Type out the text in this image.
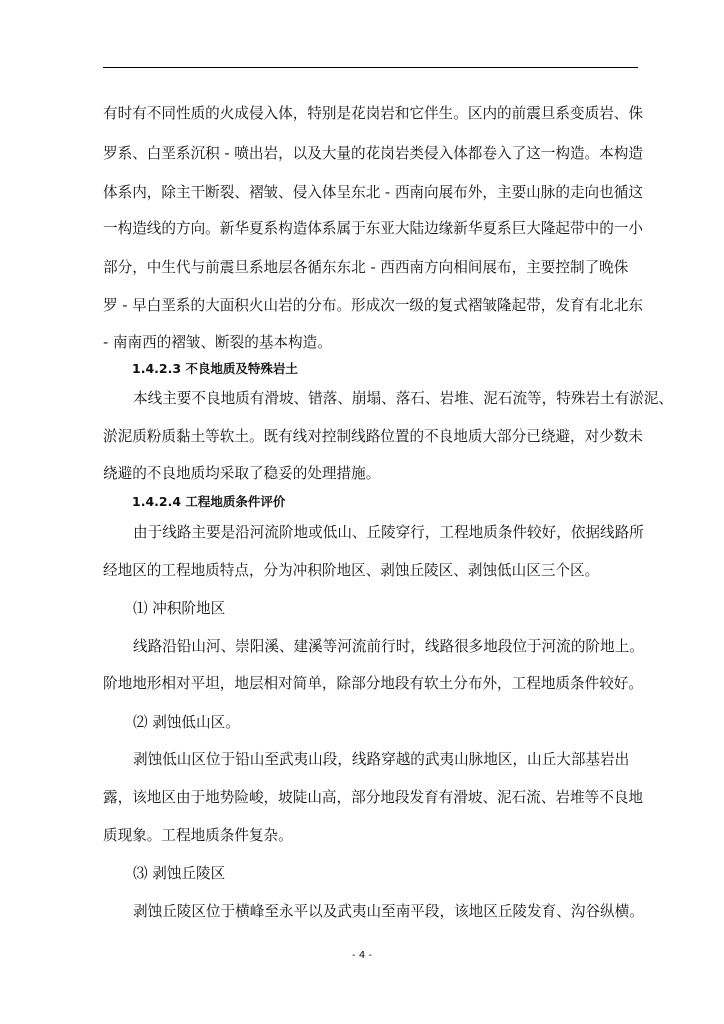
有时有不同性质的火成侵入体，特别是花岗岩和它伴生。区内的前震旦系变质岩、侏
罗系、白垩系沉积 - 喷出岩，以及大量的花岗岩类侵入体都卷入了这一构造。本构造
体系内，除主干断裂、褶皱、侵入体呈东北 - 西南向展布外，主要山脉的走向也循这
一构造线的方向。新华夏系构造体系属于东亚大陆边缘新华夏系巨大隆起带中的一小
部分，中生代与前震旦系地层各循东东北 - 西西南方向相间展布，主要控制了晚侏
罗 - 早白垩系的大面积火山岩的分布。形成次一级的复式褶皱隆起带，发育有北北东
- 南南西的褶皱、断裂的基本构造。
1.4.2.3 不良地质及特殊岩土
本线主要不良地质有滑坡、错落、崩塌、落石、岩堆、泥石流等，特殊岩土有淤泥、
淤泥质粉质黏土等软土。既有线对控制线路位置的不良地质大部分已绕避，对少数未
绕避的不良地质均采取了稳妥的处理措施。
1.4.2.4 工程地质条件评价
由于线路主要是沿河流阶地或低山、丘陵穿行，工程地质条件较好，依据线路所
经地区的工程地质特点，分为冲积阶地区、剥蚀丘陵区、剥蚀低山区三个区。
⑴ 冲积阶地区
线路沿铅山河、崇阳溪、建溪等河流前行时，线路很多地段位于河流的阶地上。
阶地地形相对平坦，地层相对简单，除部分地段有软土分布外，工程地质条件较好。
⑵ 剥蚀低山区。
剥蚀低山区位于铅山至武夷山段，线路穿越的武夷山脉地区，山丘大部基岩出
露，该地区由于地势险峻，坡陡山高，部分地段发育有滑坡、泥石流、岩堆等不良地
质现象。工程地质条件复杂。
⑶ 剥蚀丘陵区
剥蚀丘陵区位于横峰至永平以及武夷山至南平段，该地区丘陵发育、沟谷纵横。
- 4 -
